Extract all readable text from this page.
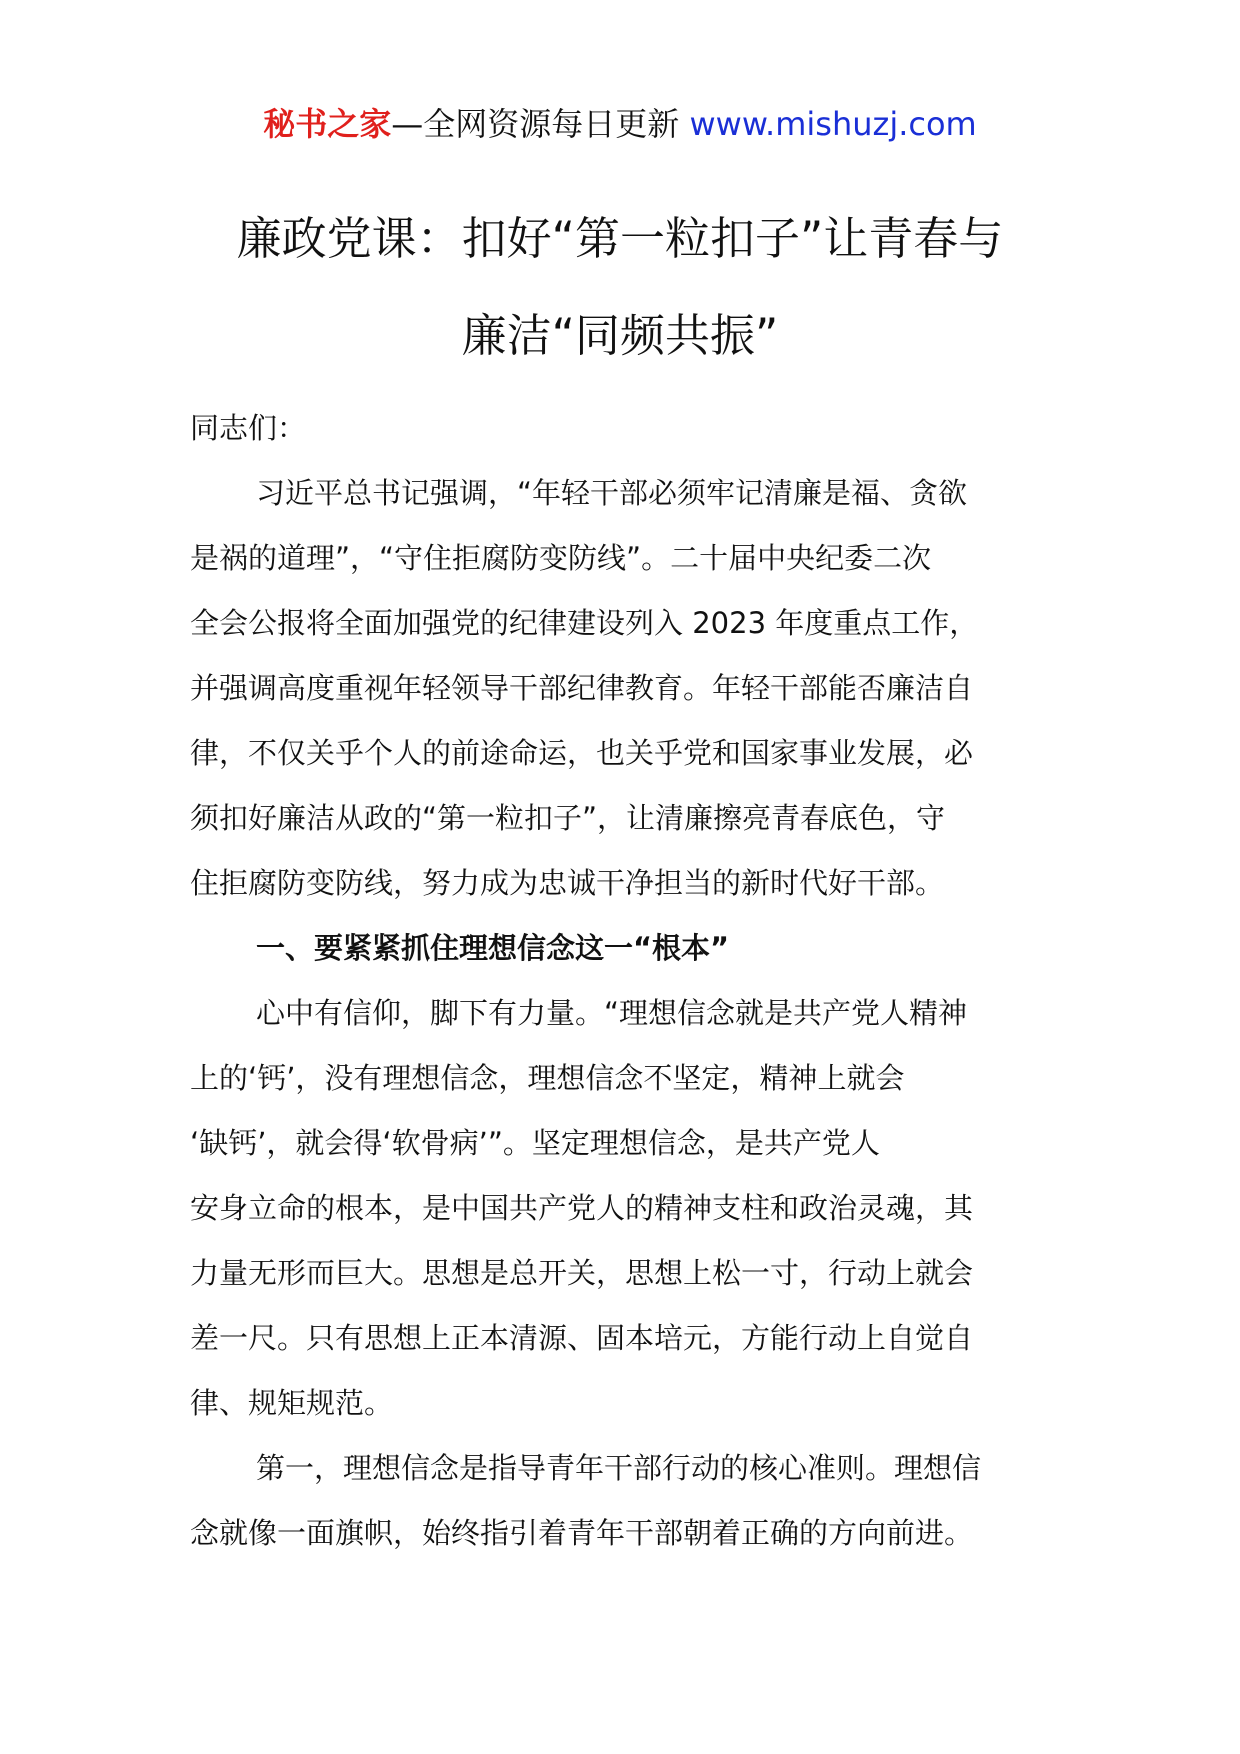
秘书之家—全网资源每日更新 www.mishuzj.com
廉政党课：扣好“第一粒扣子”让青春与
廉洁“同频共振”
同志们：
习近平总书记强调，“年轻干部必须牢记清廉是福、贪欲
是祸的道理”，“守住拒腐防变防线”。二十届中央纪委二次
全会公报将全面加强党的纪律建设列入 2023 年度重点工作，
并强调高度重视年轻领导干部纪律教育。年轻干部能否廉洁自
律，不仅关乎个人的前途命运，也关乎党和国家事业发展，必
须扣好廉洁从政的“第一粒扣子”，让清廉擦亮青春底色，守
住拒腐防变防线，努力成为忠诚干净担当的新时代好干部。
一、要紧紧抓住理想信念这一“根本”
心中有信仰，脚下有力量。“理想信念就是共产党人精神
上的‘钙’，没有理想信念，理想信念不坚定，精神上就会
‘缺钙’，就会得‘软骨病’”。坚定理想信念，是共产党人
安身立命的根本，是中国共产党人的精神支柱和政治灵魂，其
力量无形而巨大。思想是总开关，思想上松一寸，行动上就会
差一尺。只有思想上正本清源、固本培元，方能行动上自觉自
律、规矩规范。
第一，理想信念是指导青年干部行动的核心准则。理想信
念就像一面旗帜，始终指引着青年干部朝着正确的方向前进。
